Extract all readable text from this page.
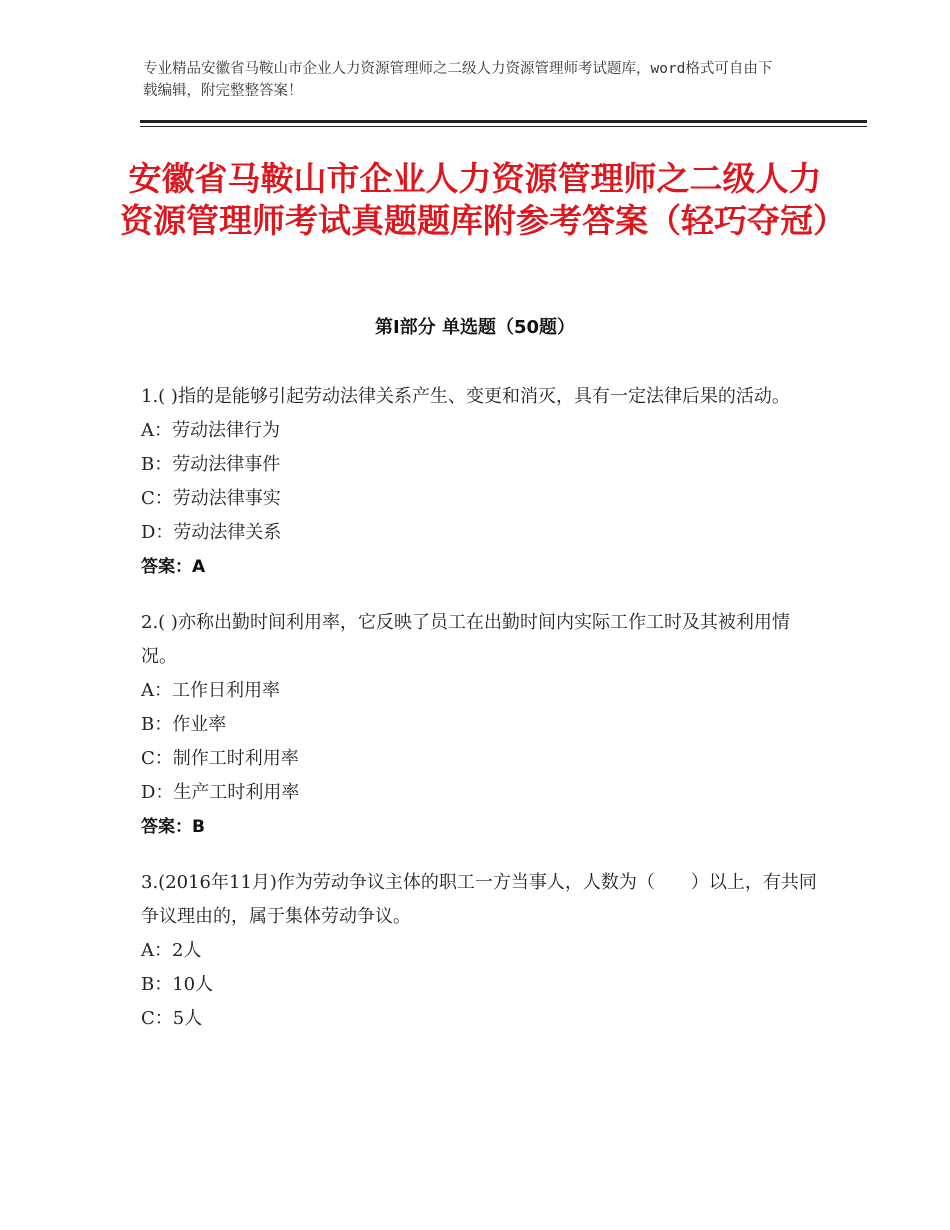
专业精品安徽省马鞍山市企业人力资源管理师之二级人力资源管理师考试题库，word格式可自由下载编辑，附完整整答案！
安徽省马鞍山市企业人力资源管理师之二级人力资源管理师考试真题题库附参考答案（轻巧夺冠）
第Ⅰ部分 单选题（50题）
1.( )指的是能够引起劳动法律关系产生、变更和消灭，具有一定法律后果的活动。
A：劳动法律行为
B：劳动法律事件
C：劳动法律事实
D：劳动法律关系
答案：A
2.( )亦称出勤时间利用率，它反映了员工在出勤时间内实际工作工时及其被利用情况。
A：工作日利用率
B：作业率
C：制作工时利用率
D：生产工时利用率
答案：B
3.(2016年11月)作为劳动争议主体的职工一方当事人，人数为（　　）以上，有共同争议理由的，属于集体劳动争议。
A：2人
B：10人
C：5人
